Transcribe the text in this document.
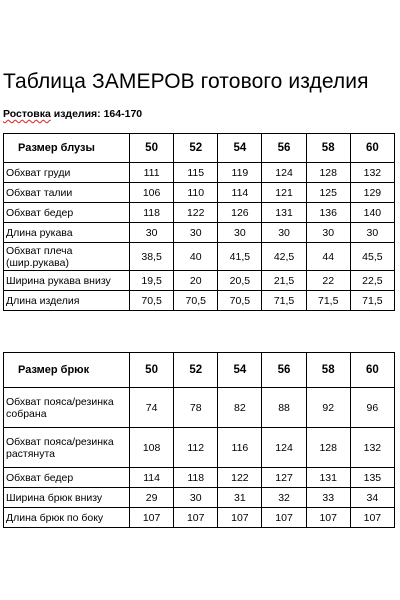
Таблица ЗАМЕРОВ готового изделия
Ростовка изделия: 164-170
Размер блузы	50	52	54	56	58	60
Обхват груди	111	115	119	124	128	132
Обхват талии	106	110	114	121	125	129
Обхват бедер	118	122	126	131	136	140
Длина рукава	30	30	30	30	30	30
Обхват плеча (шир.рукава)	38,5	40	41,5	42,5	44	45,5
Ширина рукава внизу	19,5	20	20,5	21,5	22	22,5
Длина изделия	70,5	70,5	70,5	71,5	71,5	71,5
Размер брюк	50	52	54	56	58	60
Обхват пояса/резинка собрана	74	78	82	88	92	96
Обхват пояса/резинка растянута	108	112	116	124	128	132
Обхват бедер	114	118	122	127	131	135
Ширина брюк внизу	29	30	31	32	33	34
Длина брюк по боку	107	107	107	107	107	107
